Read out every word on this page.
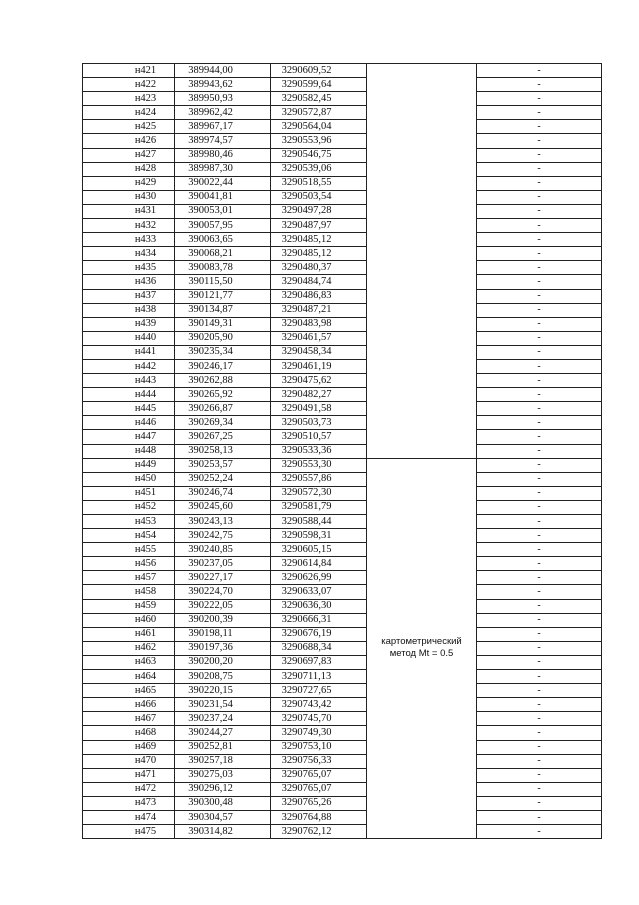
н421	389944,00	3290609,52		-
н422	389943,62	3290599,64		-
н423	389950,93	3290582,45		-
н424	389962,42	3290572,87		-
н425	389967,17	3290564,04		-
н426	389974,57	3290553,96		-
н427	389980,46	3290546,75		-
н428	389987,30	3290539,06		-
н429	390022,44	3290518,55		-
н430	390041,81	3290503,54		-
н431	390053,01	3290497,28		-
н432	390057,95	3290487,97		-
н433	390063,65	3290485,12		-
н434	390068,21	3290485,12		-
н435	390083,78	3290480,37		-
н436	390115,50	3290484,74		-
н437	390121,77	3290486,83		-
н438	390134,87	3290487,21		-
н439	390149,31	3290483,98		-
н440	390205,90	3290461,57		-
н441	390235,34	3290458,34		-
н442	390246,17	3290461,19		-
н443	390262,88	3290475,62		-
н444	390265,92	3290482,27		-
н445	390266,87	3290491,58		-
н446	390269,34	3290503,73		-
н447	390267,25	3290510,57		-
н448	390258,13	3290533,36		-
н449	390253,57	3290553,30	картометрический
метод Mt = 0.5	-
н450	390252,24	3290557,86		-
н451	390246,74	3290572,30		-
н452	390245,60	3290581,79		-
н453	390243,13	3290588,44		-
н454	390242,75	3290598,31		-
н455	390240,85	3290605,15		-
н456	390237,05	3290614,84		-
н457	390227,17	3290626,99		-
н458	390224,70	3290633,07		-
н459	390222,05	3290636,30		-
н460	390200,39	3290666,31		-
н461	390198,11	3290676,19		-
н462	390197,36	3290688,34		-
н463	390200,20	3290697,83		-
н464	390208,75	3290711,13		-
н465	390220,15	3290727,65		-
н466	390231,54	3290743,42		-
н467	390237,24	3290745,70		-
н468	390244,27	3290749,30		-
н469	390252,81	3290753,10		-
н470	390257,18	3290756,33		-
н471	390275,03	3290765,07		-
н472	390296,12	3290765,07		-
н473	390300,48	3290765,26		-
н474	390304,57	3290764,88		-
н475	390314,82	3290762,12		-
